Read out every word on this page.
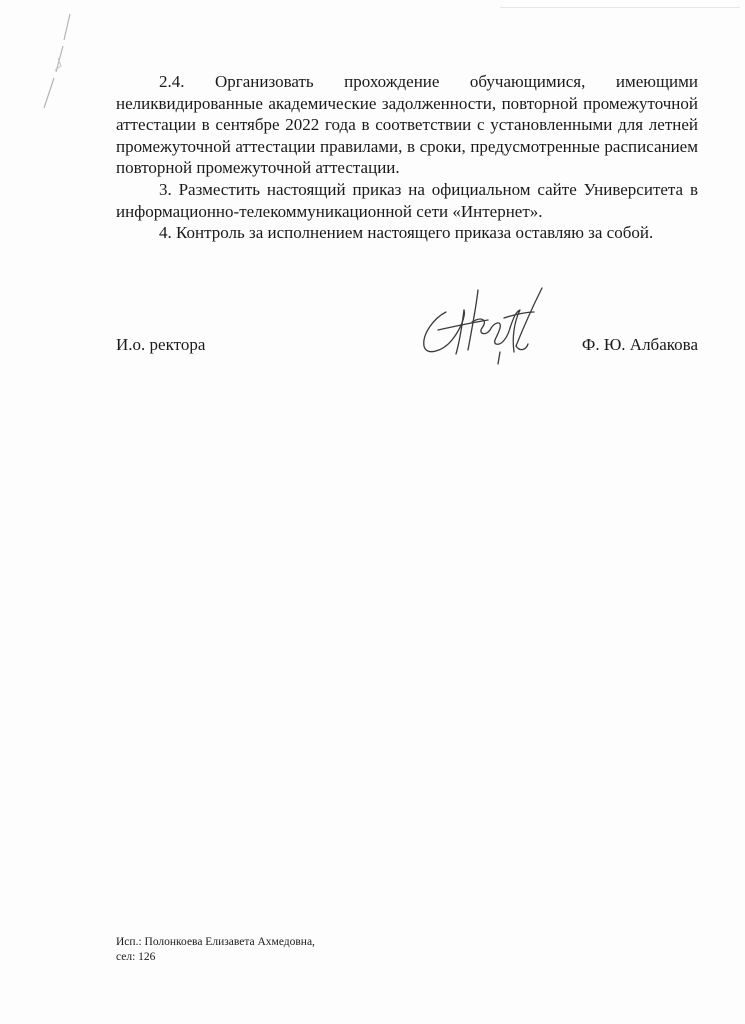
2.4. Организовать прохождение обучающимися, имеющими неликвидированные академические задолженности, повторной промежуточной аттестации в сентябре 2022 года в соответствии с установленными для летней промежуточной аттестации правилами, в сроки, предусмотренные расписанием повторной промежуточной аттестации.

3. Разместить настоящий приказ на официальном сайте Университета в информационно-телекоммуникационной сети «Интернет».

4. Контроль за исполнением настоящего приказа оставляю за собой.

И.о. ректора	Ф. Ю. Албакова
Исп.: Полонкоева Елизавета Ахмедовна,
сел: 126
